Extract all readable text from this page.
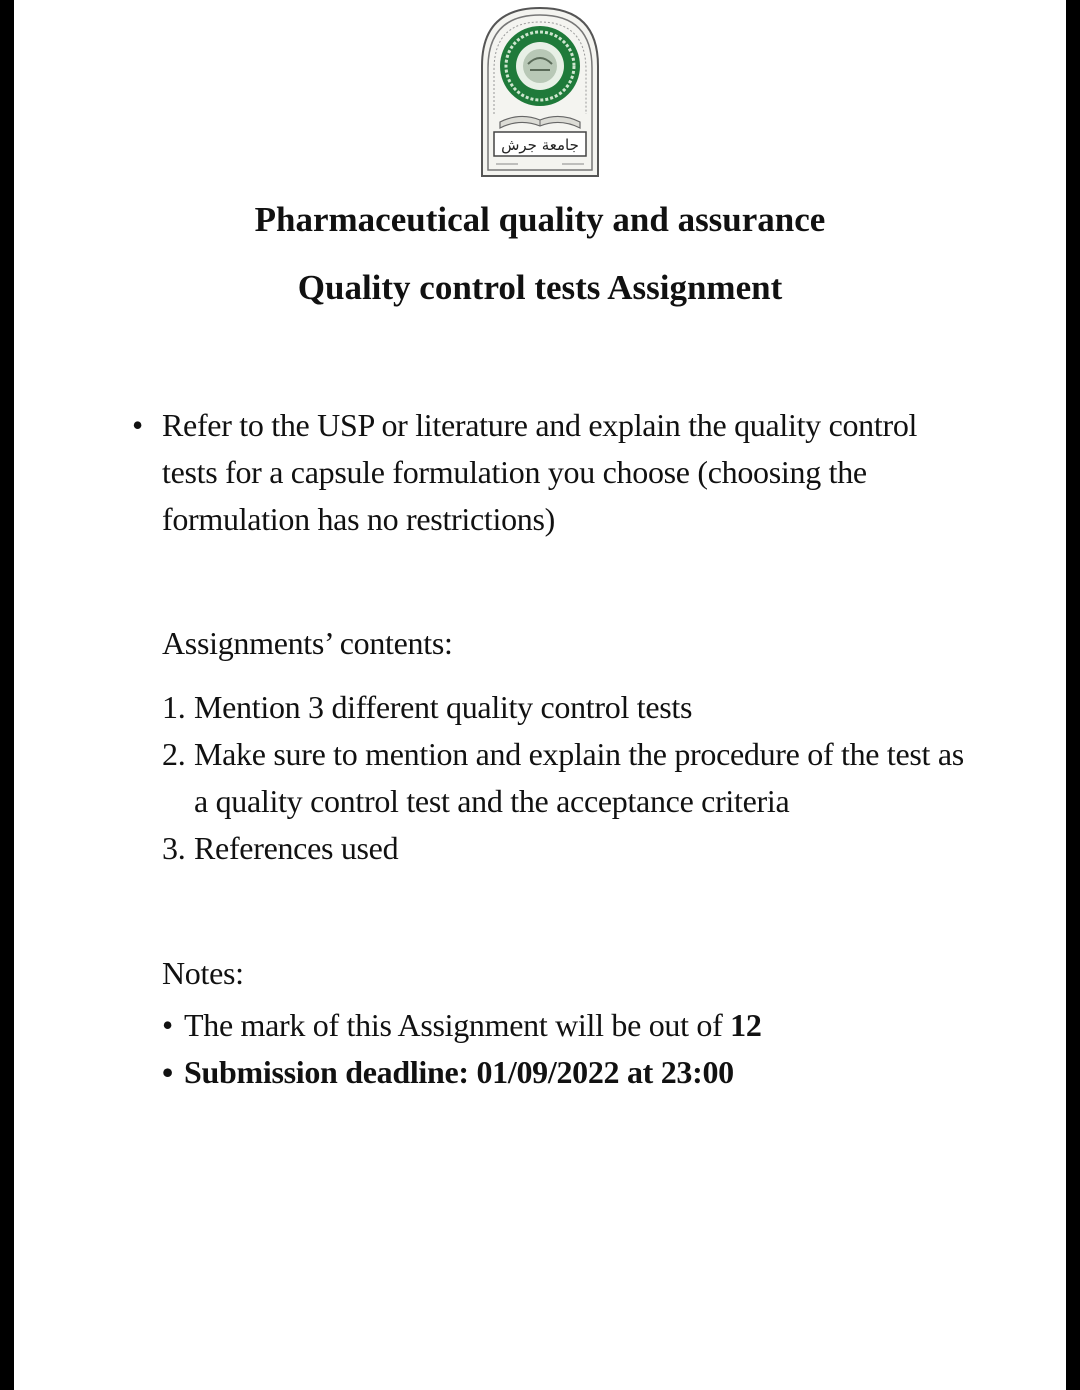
جامعة جرش
Pharmaceutical quality and assurance
Quality control tests Assignment
• Refer to the USP or literature and explain the quality control tests for a capsule formulation you choose (choosing the formulation has no restrictions)

Assignments’ contents:

1. Mention 3 different quality control tests
2. Make sure to mention and explain the procedure of the test as a quality control test and the acceptance criteria
3. References used

Notes:

• The mark of this Assignment will be out of 12
• Submission deadline: 01/09/2022 at 23:00
